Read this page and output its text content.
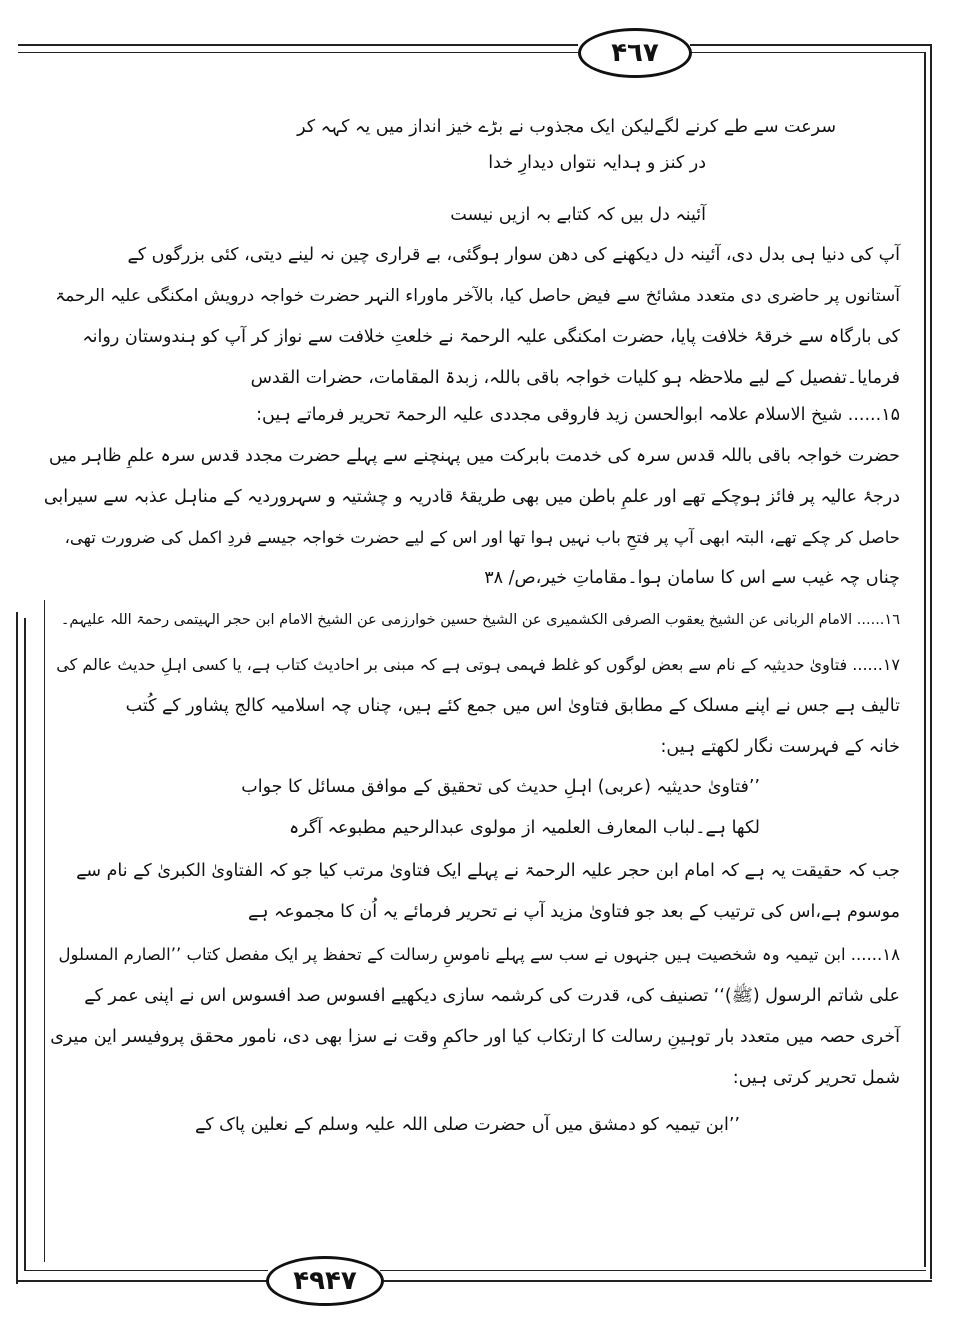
۴٦٧
۴۹۴٧
سرعت سے طے کرنے لگےلیکن ایک مجذوب نے بڑے خیز انداز میں یہ کہہ کر
در کنز و ہدایہ نتواں دیدارِ خدا
آئینہ دل بیں کہ کتابے بہ ازیں نیست
آپ کی دنیا ہی بدل دی، آئینہ دل دیکھنے کی دھن سوار ہوگئی، بے قراری چین نہ لینے دیتی، کئی بزرگوں کے
آستانوں پر حاضری دی متعدد مشائخ سے فیض حاصل کیا، بالآخر ماوراء النہر حضرت خواجہ درویش امکنگی علیہ الرحمۃ
کی بارگاہ سے خرقۂ خلافت پایا، حضرت امکنگی علیہ الرحمۃ نے خلعتِ خلافت سے نواز کر آپ کو ہندوستان روانہ
فرمایا۔تفصیل کے لیے ملاحظہ ہو کلیات خواجہ باقی باللہ، زبدۃ المقامات، حضرات القدس
۱۵...... شیخ الاسلام علامہ ابوالحسن زید فاروقی مجددی علیہ الرحمۃ تحریر فرماتے ہیں:
حضرت خواجہ باقی باللہ قدس سرہ کی خدمت بابرکت میں پہنچنے سے پہلے حضرت مجدد قدس سرہ علمِ ظاہر میں
درجۂ عالیہ پر فائز ہوچکے تھے اور علمِ باطن میں بھی طریقۂ قادریہ و چشتیہ و سہروردیہ کے مناہل عذبہ سے سیرابی
حاصل کر چکے تھے، البتہ ابھی آپ پر فتحِ باب نہیں ہوا تھا اور اس کے لیے حضرت خواجہ جیسے فردِ اکمل کی ضرورت تھی،
چناں چہ غیب سے اس کا سامان ہوا۔مقاماتِ خیر،ص/ ۳۸
۱٦...... الامام الربانی عن الشیخ یعقوب الصرفی الکشمیری عن الشیخ حسین خوارزمی عن الشیخ الامام ابن حجر الہیتمی رحمۃ اللہ علیہم۔
۱٧...... فتاویٰ حدیثیہ کے نام سے بعض لوگوں کو غلط فہمی ہوتی ہے کہ مبنی بر احادیث کتاب ہے، یا کسی اہلِ حدیث عالم کی
تالیف ہے جس نے اپنے مسلک کے مطابق فتاویٰ اس میں جمع کئے ہیں، چناں چہ اسلامیہ کالج پشاور کے کُتب
خانہ کے فہرست نگار لکھتے ہیں:
’’فتاویٰ حدیثیہ (عربی) اہلِ حدیث کی تحقیق کے موافق مسائل کا جواب
لکھا ہے۔لباب المعارف العلمیہ از مولوی عبدالرحیم مطبوعہ آگرہ
جب کہ حقیقت یہ ہے کہ امام ابن حجر علیہ الرحمۃ نے پہلے ایک فتاویٰ مرتب کیا جو کہ الفتاویٰ الکبریٰ کے نام سے
موسوم ہے،اس کی ترتیب کے بعد جو فتاویٰ مزید آپ نے تحریر فرمائے یہ اُن کا مجموعہ ہے
۱۸...... ابن تیمیہ وہ شخصیت ہیں جنہوں نے سب سے پہلے ناموسِ رسالت کے تحفظ پر ایک مفصل کتاب ’’الصارم المسلول
علی شاتم الرسول (ﷺ)‘‘ تصنیف کی، قدرت کی کرشمہ سازی دیکھیے افسوس صد افسوس اس نے اپنی عمر کے
آخری حصہ میں متعدد بار توہینِ رسالت کا ارتکاب کیا اور حاکمِ وقت نے سزا بھی دی، نامور محقق پروفیسر این میری
شمل تحریر کرتی ہیں:
’’ابن تیمیہ کو دمشق میں آں حضرت صلی اللہ علیہ وسلم کے نعلین پاک کے
